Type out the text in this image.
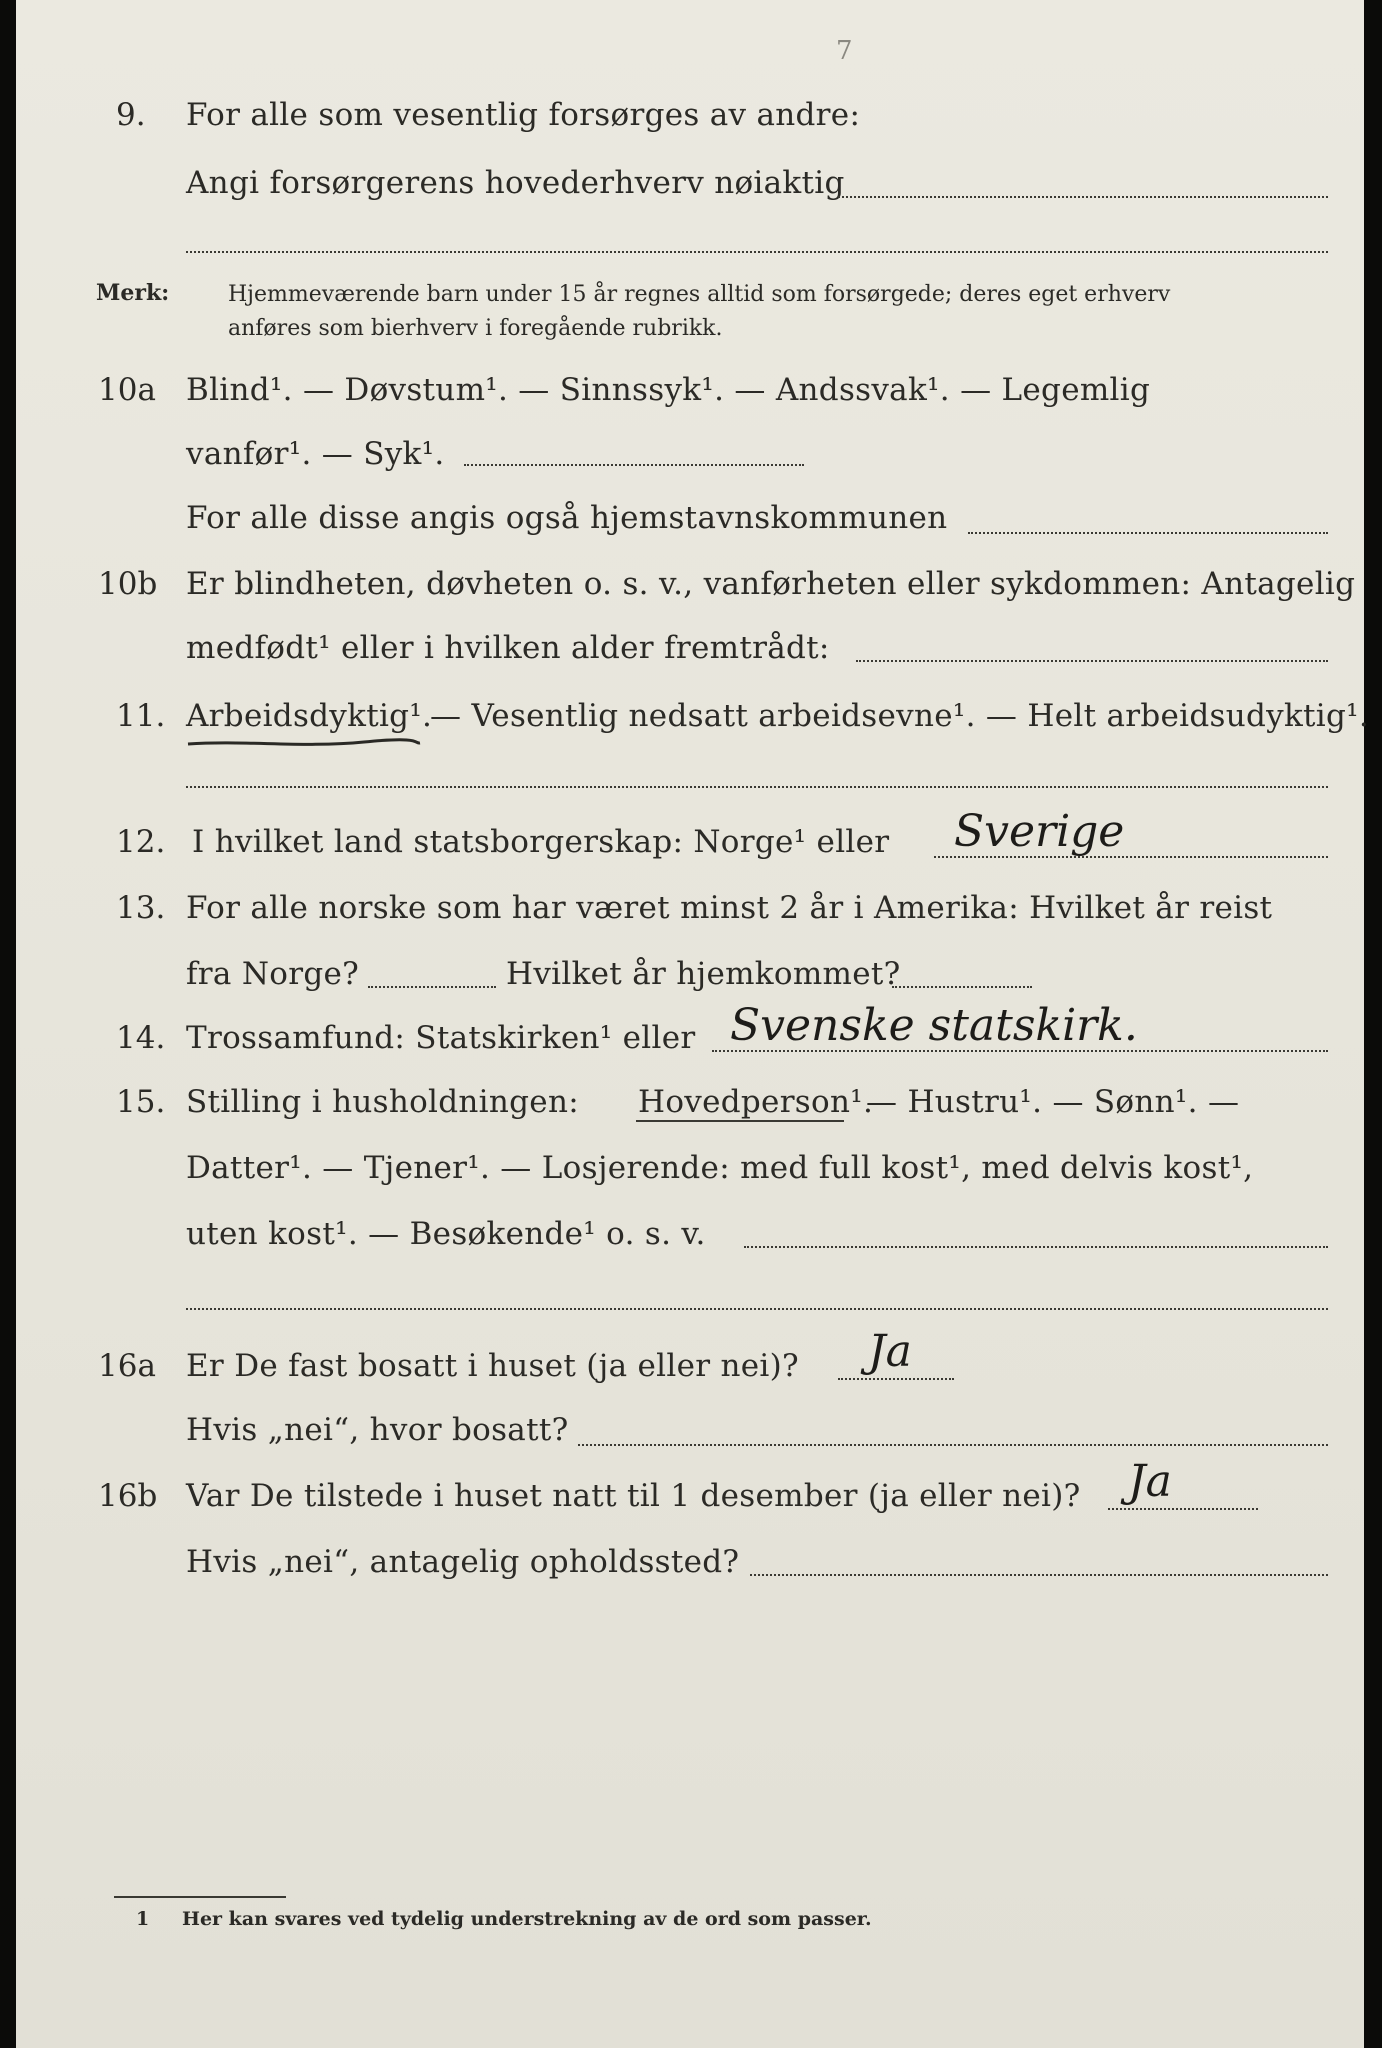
7
9. For alle som vesentlig forsørges av andre:
Angi forsørgerens hovederhverv nøiaktig
Merk:	Hjemmeværende barn under 15 år regnes alltid som forsørgede; deres eget erhverv
anføres som bierhverv i foregående rubrikk.
10a Blind¹. — Døvstum¹. — Sinnssyk¹. — Andssvak¹. — Legemlig
vanfør¹. — Syk¹.
For alle disse angis også hjemstavnskommunen
10b Er blindheten, døvheten o. s. v., vanførheten eller sykdommen: Antagelig
medfødt¹ eller i hvilken alder fremtrådt:
11. Arbeidsdyktig¹.
— Vesentlig nedsatt arbeidsevne¹. — Helt arbeidsudyktig¹.
12. I hvilket land statsborgerskap: Norge¹ eller Sverige
13. For alle norske som har været minst 2 år i Amerika: Hvilket år reist
fra Norge?	Hvilket år hjemkommet?
14. Trossamfund: Statskirken¹ eller Svenske statskirk.
15. Stilling i husholdningen: Hovedperson¹.
— Hustru¹. — Sønn¹. —
Datter¹. — Tjener¹. — Losjerende: med full kost¹, med delvis kost¹,
uten kost¹. — Besøkende¹ o. s. v.
16a Er De fast bosatt i huset (ja eller nei)? Ja
Hvis „nei“, hvor bosatt?
16b Var De tilstede i huset natt til 1 desember (ja eller nei)? Ja
Hvis „nei“, antagelig opholdssted?
1 Her kan svares ved tydelig understrekning av de ord som passer.
